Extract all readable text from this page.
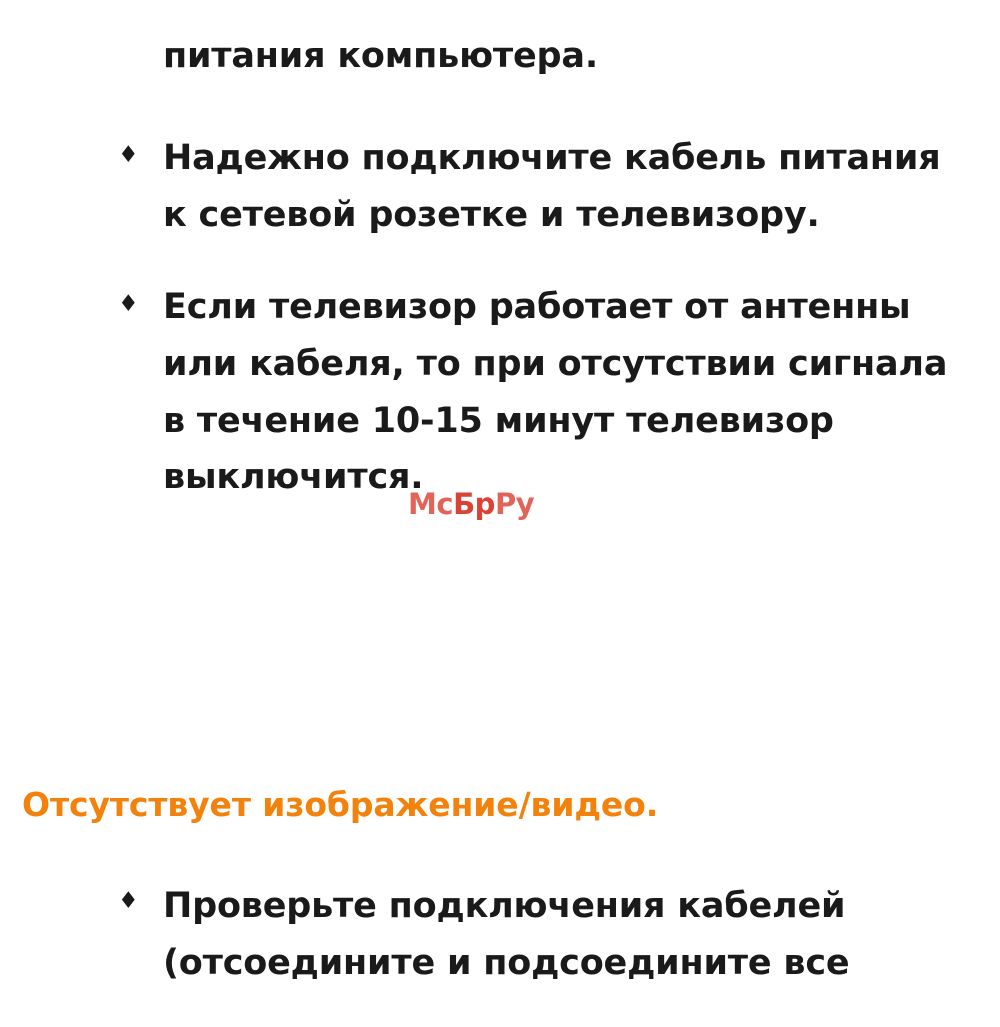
питания компьютера.
♦ Надежно подключите кабель питания к сетевой розетке и телевизору.
♦ Если телевизор работает от антенны или кабеля, то при отсутствии сигнала в течение 10-15 минут телевизор выключится.
МсБрРу
Отсутствует изображение/видео.
♦ Проверьте подключения кабелей (отсоедините и подсоедините все
